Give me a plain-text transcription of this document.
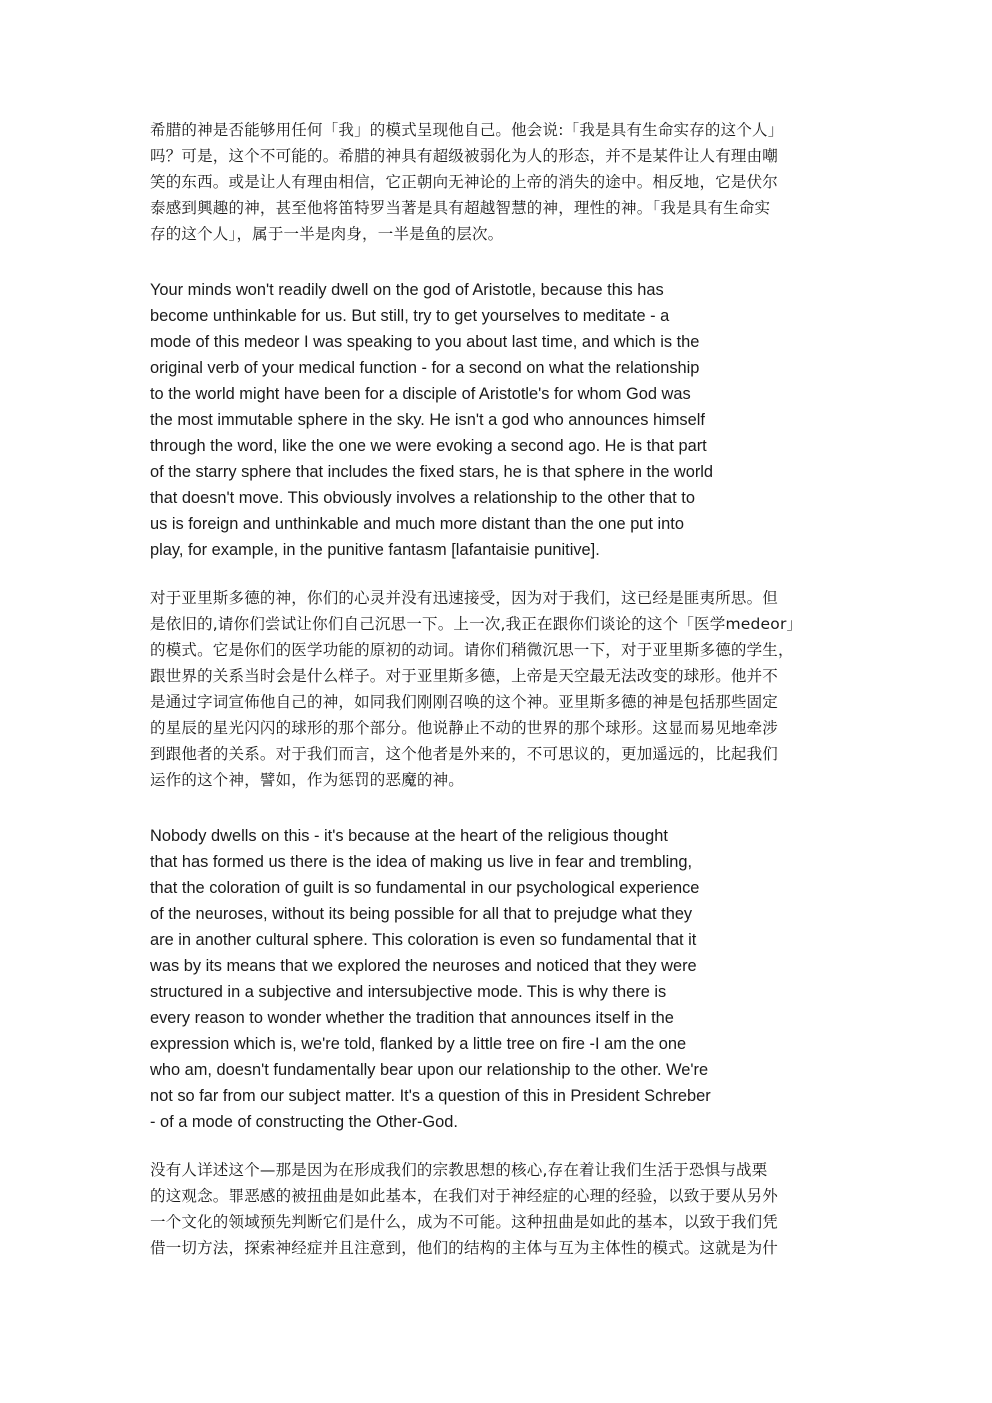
希腊的神是否能够用任何「我」的模式呈现他自己。他会说:「我是具有生命实存的这个人」
吗？可是，这个不可能的。希腊的神具有超级被弱化为人的形态，并不是某件让人有理由嘲
笑的东西。或是让人有理由相信，它正朝向无神论的上帝的消失的途中。相反地，它是伏尔
泰感到興趣的神，甚至他将笛特罗当著是具有超越智慧的神，理性的神。「我是具有生命实
存的这个人」，属于一半是肉身，一半是鱼的层次。

Your minds won't readily dwell on the god of Aristotle, because this has
become unthinkable for us. But still, try to get yourselves to meditate - a
mode of this medeor I was speaking to you about last time, and which is the
original verb of your medical function - for a second on what the relationship
to the world might have been for a disciple of Aristotle's for whom God was
the most immutable sphere in the sky. He isn't a god who announces himself
through the word, like the one we were evoking a second ago. He is that part
of the starry sphere that includes the fixed stars, he is that sphere in the world
that doesn't move. This obviously involves a relationship to the other that to
us is foreign and unthinkable and much more distant than the one put into
play, for example, in the punitive fantasm [lafantaisie punitive].

对于亚里斯多德的神，你们的心灵并没有迅速接受，因为对于我们，这已经是匪夷所思。但
是依旧的,请你们尝试让你们自己沉思一下。上一次,我正在跟你们谈论的这个「医学medeor」
的模式。它是你们的医学功能的原初的动词。请你们稍微沉思一下，对于亚里斯多德的学生，
跟世界的关系当时会是什么样子。对于亚里斯多德，上帝是天空最无法改变的球形。他并不
是通过字词宣佈他自己的神，如同我们刚刚召唤的这个神。亚里斯多德的神是包括那些固定
的星辰的星光闪闪的球形的那个部分。他说静止不动的世界的那个球形。这显而易见地牵涉
到跟他者的关系。对于我们而言，这个他者是外来的，不可思议的，更加遥远的，比起我们
运作的这个神，譬如，作为惩罚的恶魔的神。

Nobody dwells on this - it's because at the heart of the religious thought
that has formed us there is the idea of making us live in fear and trembling,
that the coloration of guilt is so fundamental in our psychological experience
of the neuroses, without its being possible for all that to prejudge what they
are in another cultural sphere. This coloration is even so fundamental that it
was by its means that we explored the neuroses and noticed that they were
structured in a subjective and intersubjective mode. This is why there is
every reason to wonder whether the tradition that announces itself in the
expression which is, we're told, flanked by a little tree on fire -I am the one
who am, doesn't fundamentally bear upon our relationship to the other. We're
not so far from our subject matter. It's a question of this in President Schreber
- of a mode of constructing the Other-God.

没有人详述这个—那是因为在形成我们的宗教思想的核心,存在着让我们生活于恐惧与战栗
的这观念。罪恶感的被扭曲是如此基本，在我们对于神经症的心理的经验，以致于要从另外
一个文化的领域预先判断它们是什么，成为不可能。这种扭曲是如此的基本，以致于我们凭
借一切方法，探索神经症并且注意到，他们的结构的主体与互为主体性的模式。这就是为什
